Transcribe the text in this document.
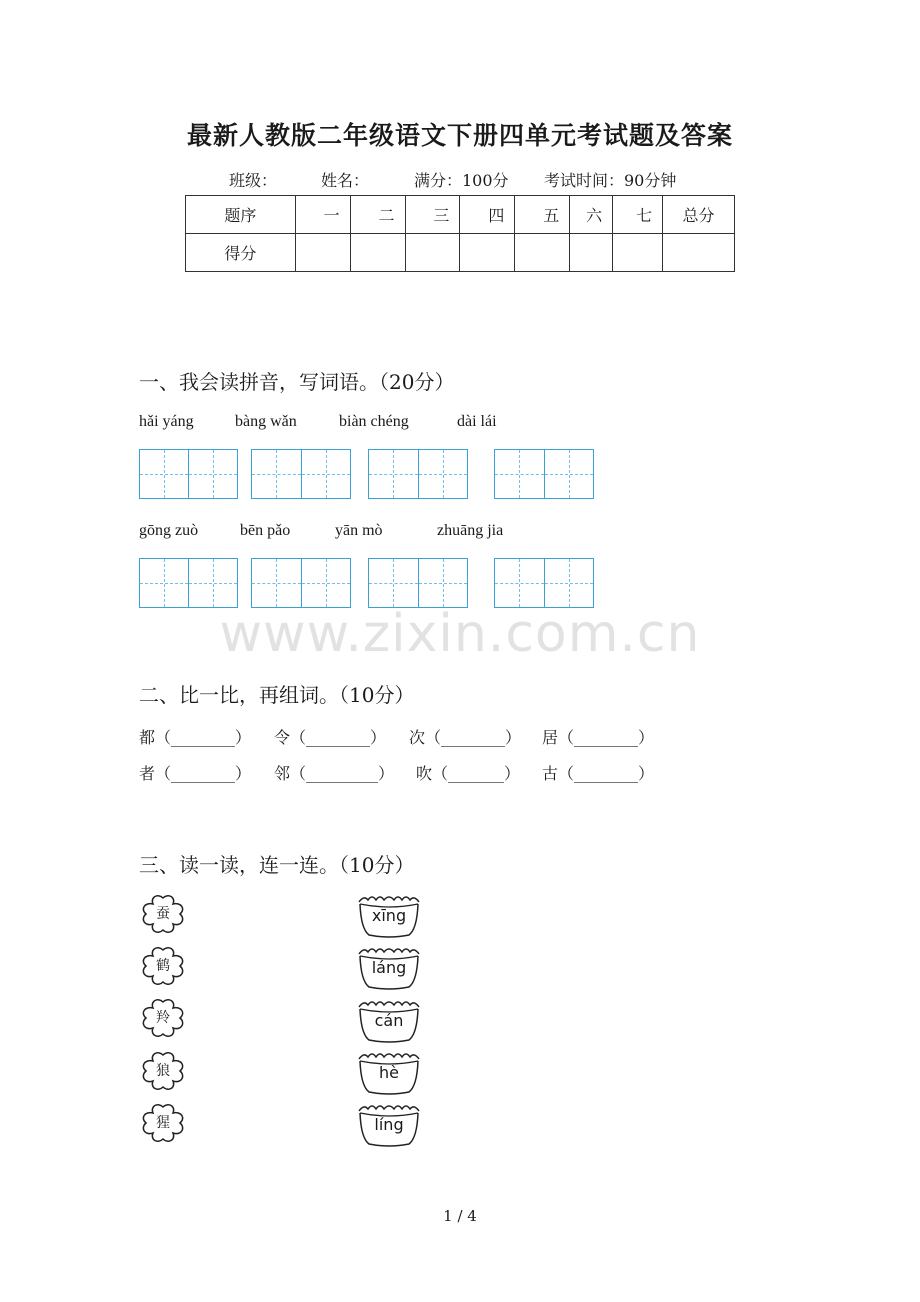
最新人教版二年级语文下册四单元考试题及答案
班级：	姓名：	满分：100分 考试时间：90分钟
题序	一	二	三	四	五	六	七	总分
得分								
一、我会读拼音，写词语。（20分）
hǎi yáng	bàng wǎn	biàn chéng	dài lái
gōng zuò	bēn pǎo	yān mò	zhuāng jia
www.zixin.com.cn
二、比一比，再组词。（10分）
都（________） 令（________） 次（________） 居（________）
者（________） 邻（_________） 吹（_______） 古（________）
三、读一读，连一连。（10分）
蚕
鹤
羚
狼
猩
xīng
láng
cán
hè
líng
1 / 4
